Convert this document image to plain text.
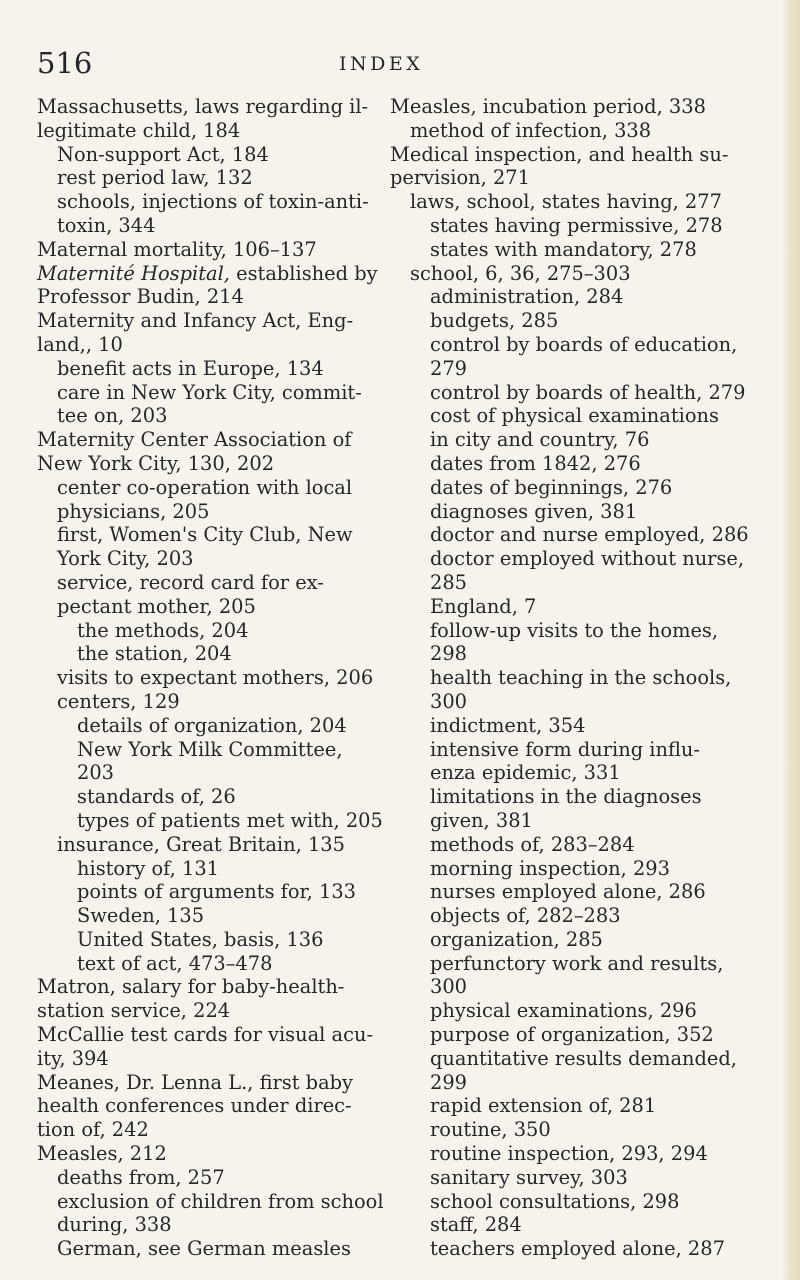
516	INDEX
Massachusetts, laws regarding il-
legitimate child, 184
Non-support Act, 184
rest period law, 132
schools, injections of toxin-anti-
toxin, 344
Maternal mortality, 106–137
Maternité Hospital, established by
Professor Budin, 214
Maternity and Infancy Act, Eng-
land,, 10
benefit acts in Europe, 134
care in New York City, commit-
tee on, 203
Maternity Center Association of
New York City, 130, 202
center co-operation with local
physicians, 205
first, Women's City Club, New
York City, 203
service, record card for ex-
pectant mother, 205
the methods, 204
the station, 204
visits to expectant mothers, 206
centers, 129
details of organization, 204
New York Milk Committee,
203
standards of, 26
types of patients met with, 205
insurance, Great Britain, 135
history of, 131
points of arguments for, 133
Sweden, 135
United States, basis, 136
text of act, 473–478
Matron, salary for baby-health-
station service, 224
McCallie test cards for visual acu-
ity, 394
Meanes, Dr. Lenna L., first baby
health conferences under direc-
tion of, 242
Measles, 212
deaths from, 257
exclusion of children from school
during, 338
German, see German measles
Measles, incubation period, 338
method of infection, 338
Medical inspection, and health su-
pervision, 271
laws, school, states having, 277
states having permissive, 278
states with mandatory, 278
school, 6, 36, 275–303
administration, 284
budgets, 285
control by boards of education,
279
control by boards of health, 279
cost of physical examinations
in city and country, 76
dates from 1842, 276
dates of beginnings, 276
diagnoses given, 381
doctor and nurse employed, 286
doctor employed without nurse,
285
England, 7
follow-up visits to the homes,
298
health teaching in the schools,
300
indictment, 354
intensive form during influ-
enza epidemic, 331
limitations in the diagnoses
given, 381
methods of, 283–284
morning inspection, 293
nurses employed alone, 286
objects of, 282–283
organization, 285
perfunctory work and results,
300
physical examinations, 296
purpose of organization, 352
quantitative results demanded,
299
rapid extension of, 281
routine, 350
routine inspection, 293, 294
sanitary survey, 303
school consultations, 298
staff, 284
teachers employed alone, 287
